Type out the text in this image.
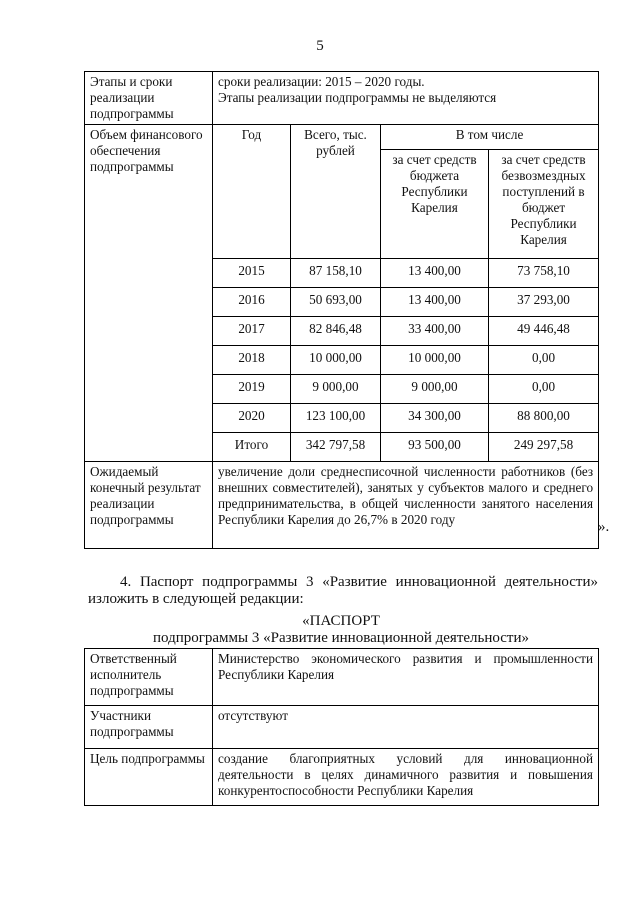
5
Этапы и сроки реализации подпрограммы	сроки реализации: 2015 – 2020 годы.
Этапы реализации подпрограммы не выделяются			

Объем финансового обеспечения подпрограммы	Год	Всего, тыс. рублей	В том числе	
			за счет средств бюджета Республики Карелия	за счет средств безвозмездных поступлений в бюджет Республики Карелия
	2015	87 158,10	13 400,00	73 758,10
	2016	50 693,00	13 400,00	37 293,00
	2017	82 846,48	33 400,00	49 446,48
	2018	10 000,00	10 000,00	0,00
	2019	9 000,00	9 000,00	0,00
	2020	123 100,00	34 300,00	88 800,00
	Итого	342 797,58	93 500,00	249 297,58
Ожидаемый конечный результат реализации подпрограммы	увеличение доли среднесписочной численности работников (без внешних совместителей), занятых у субъектов малого и среднего предпринимательства, в общей численности занятого населения Республики Карелия до 26,7% в 2020 году				».
4. Паспорт подпрограммы 3 «Развитие инновационной деятельности» изложить в следующей редакции:
«ПАСПОРТ
подпрограммы 3 «Развитие инновационной деятельности»
Ответственный исполнитель подпрограммы	Министерство экономического развития и промышленности Республики Карелия
Участники подпрограммы	отсутствуют
Цель подпрограммы	создание благоприятных условий для инновационной деятельности в целях динамичного развития и повышения конкурентоспособности Республики Карелия
